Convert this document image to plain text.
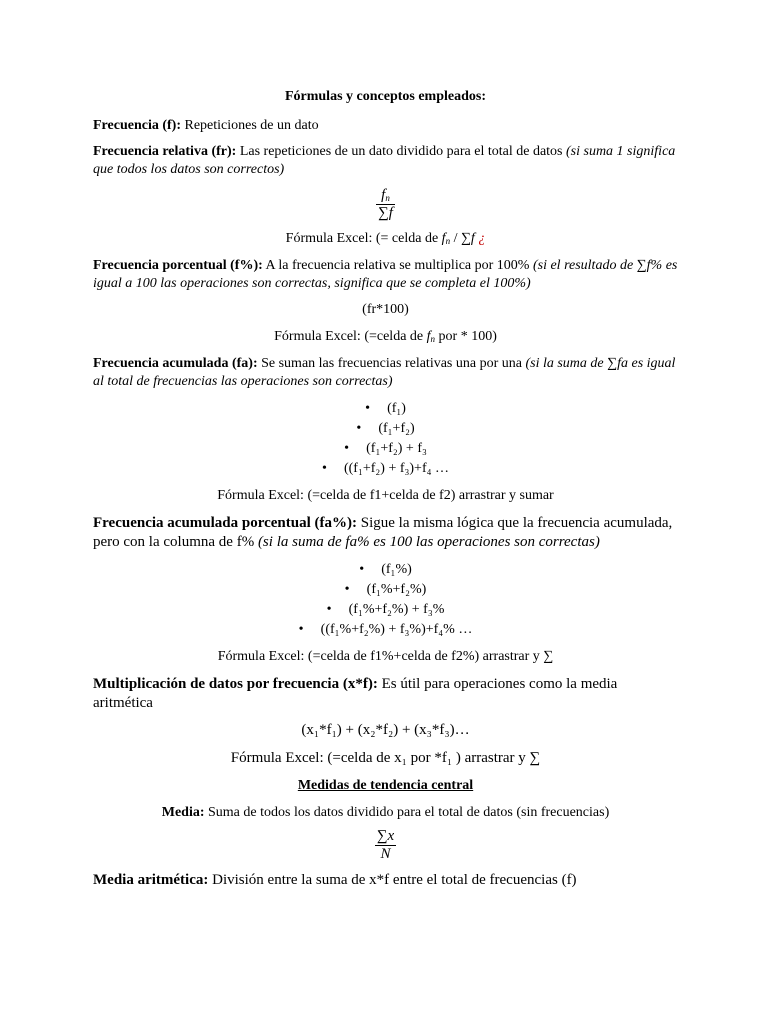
Fórmulas y conceptos empleados:

Frecuencia (f): Repeticiones de un dato

Frecuencia relativa (fr): Las repeticiones de un dato dividido para el total de datos (si suma 1 significa que todos los datos son correctos)

$\frac{f_n}{\sum f}$

Fórmula Excel: (= celda de $f_n / \sum f$ ¿

Frecuencia porcentual (f%): A la frecuencia relativa se multiplica por 100% (si el resultado de ∑f% es igual a 100 las operaciones son correctas, significa que se completa el 100%)

(fr*100)

Fórmula Excel: (=celda de $f_n$ por * 100)

Frecuencia acumulada (fa): Se suman las frecuencias relativas una por una (si la suma de ∑fa es igual al total de frecuencias las operaciones son correctas)

• (f₁)
• (f₁+f₂)
• (f₁+f₂) + f₃
• ((f₁+f₂) + f₃)+f₄ …

Fórmula Excel: (=celda de f1+celda de f2) arrastrar y sumar

Frecuencia acumulada porcentual (fa%): Sigue la misma lógica que la frecuencia acumulada, pero con la columna de f% (si la suma de fa% es 100 las operaciones son correctas)

• (f₁%)
• (f₁%+f₂%)
• (f₁%+f₂%) + f₃%
• ((f₁%+f₂%) + f₃%)+f₄% …

Fórmula Excel: (=celda de f1%+celda de f2%) arrastrar y ∑

Multiplicación de datos por frecuencia (x*f): Es útil para operaciones como la media aritmética

(x₁*f₁) + (x₂*f₂) + (x₃*f₃)…

Fórmula Excel: (=celda de x₁ por *f₁ ) arrastrar y ∑

Medidas de tendencia central

Media: Suma de todos los datos dividido para el total de datos (sin frecuencias)

$\frac{\sum x}{N}$

Media aritmética: División entre la suma de x*f entre el total de frecuencias (f)
